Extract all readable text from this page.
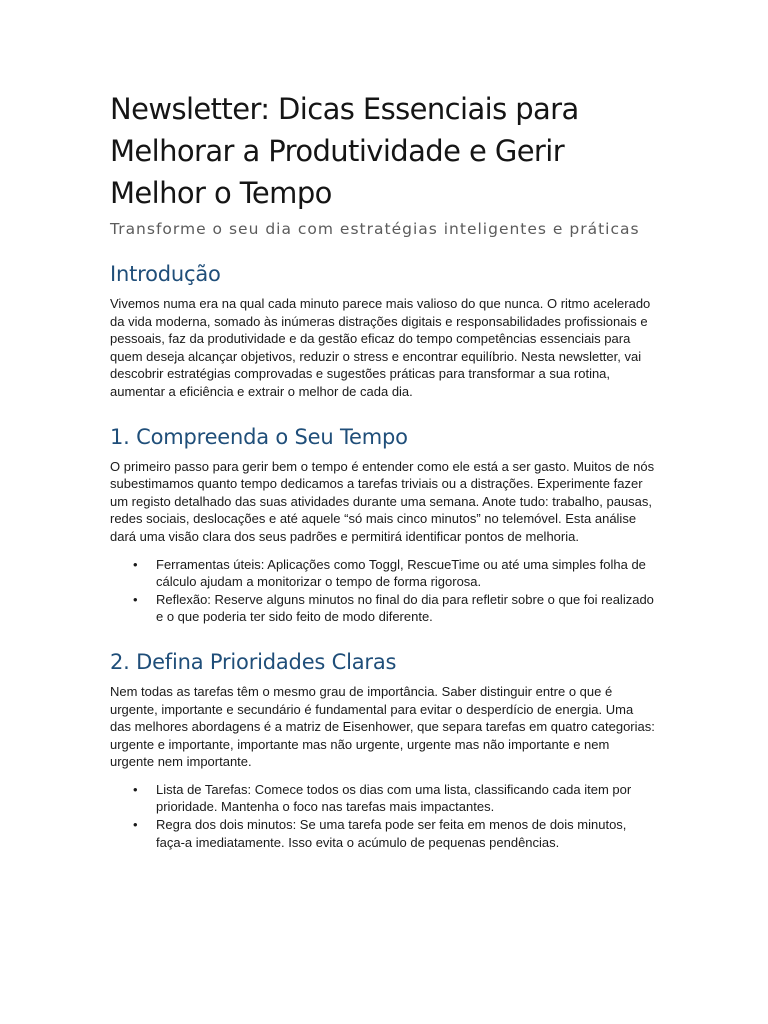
Newsletter: Dicas Essenciais para Melhorar a Produtividade e Gerir Melhor o Tempo

Transforme o seu dia com estratégias inteligentes e práticas

Introdução

Vivemos numa era na qual cada minuto parece mais valioso do que nunca. O ritmo acelerado da vida moderna, somado às inúmeras distrações digitais e responsabilidades profissionais e pessoais, faz da produtividade e da gestão eficaz do tempo competências essenciais para quem deseja alcançar objetivos, reduzir o stress e encontrar equilíbrio. Nesta newsletter, vai descobrir estratégias comprovadas e sugestões práticas para transformar a sua rotina, aumentar a eficiência e extrair o melhor de cada dia.

1. Compreenda o Seu Tempo

O primeiro passo para gerir bem o tempo é entender como ele está a ser gasto. Muitos de nós subestimamos quanto tempo dedicamos a tarefas triviais ou a distrações. Experimente fazer um registo detalhado das suas atividades durante uma semana. Anote tudo: trabalho, pausas, redes sociais, deslocações e até aquele “só mais cinco minutos” no telemóvel. Esta análise dará uma visão clara dos seus padrões e permitirá identificar pontos de melhoria.

• Ferramentas úteis: Aplicações como Toggl, RescueTime ou até uma simples folha de cálculo ajudam a monitorizar o tempo de forma rigorosa.
• Reflexão: Reserve alguns minutos no final do dia para refletir sobre o que foi realizado e o que poderia ter sido feito de modo diferente.
2. Defina Prioridades Claras

Nem todas as tarefas têm o mesmo grau de importância. Saber distinguir entre o que é urgente, importante e secundário é fundamental para evitar o desperdício de energia. Uma das melhores abordagens é a matriz de Eisenhower, que separa tarefas em quatro categorias: urgente e importante, importante mas não urgente, urgente mas não importante e nem urgente nem importante.

• Lista de Tarefas: Comece todos os dias com uma lista, classificando cada item por prioridade. Mantenha o foco nas tarefas mais impactantes.
• Regra dos dois minutos: Se uma tarefa pode ser feita em menos de dois minutos, faça-a imediatamente. Isso evita o acúmulo de pequenas pendências.
